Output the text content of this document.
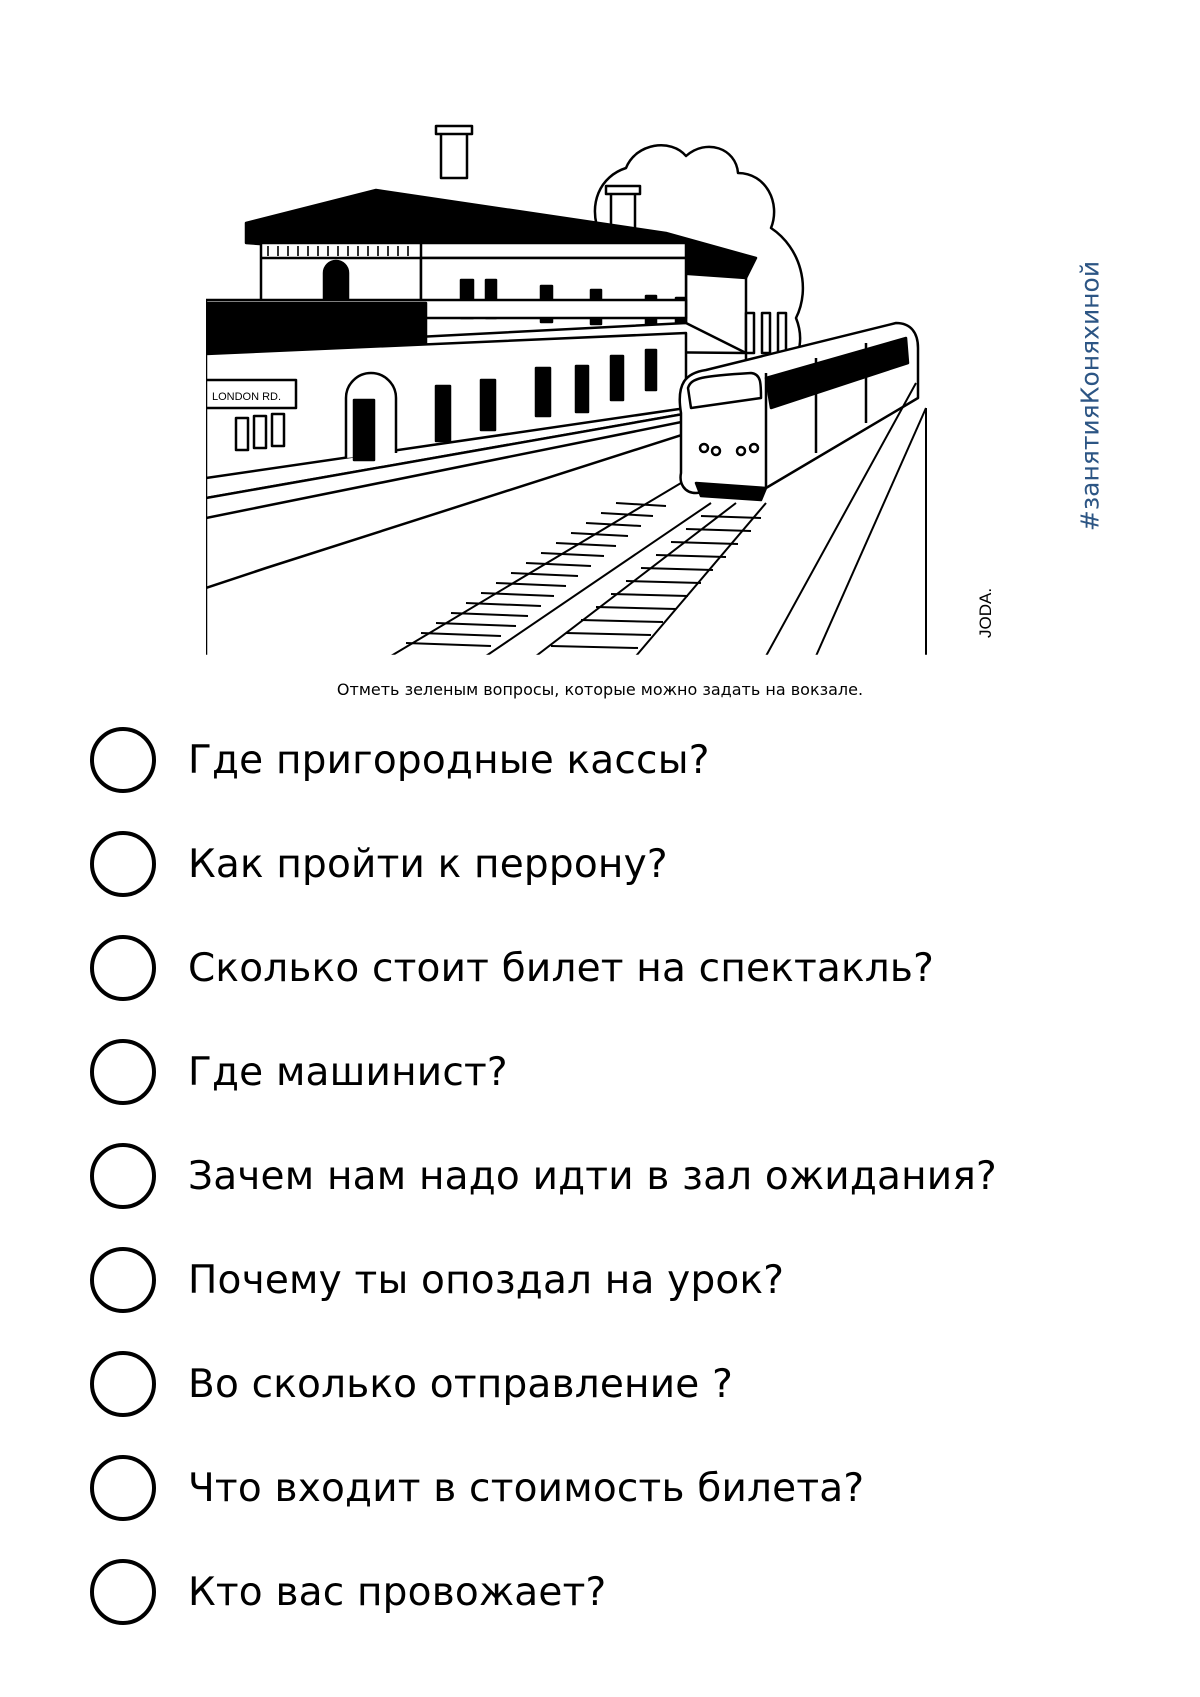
LONDON RD.
JODA.
#занятияКоняхиной
Отметь зеленым вопросы, которые можно задать на вокзале.
Где пригородные кассы?
Как пройти к перрону?
Сколько стоит билет на спектакль?
Где машинист?
Зачем нам надо идти в зал ожидания?
Почему ты опоздал на урок?
Во сколько отправление ?
Что входит в стоимость билета?
Кто вас провожает?
